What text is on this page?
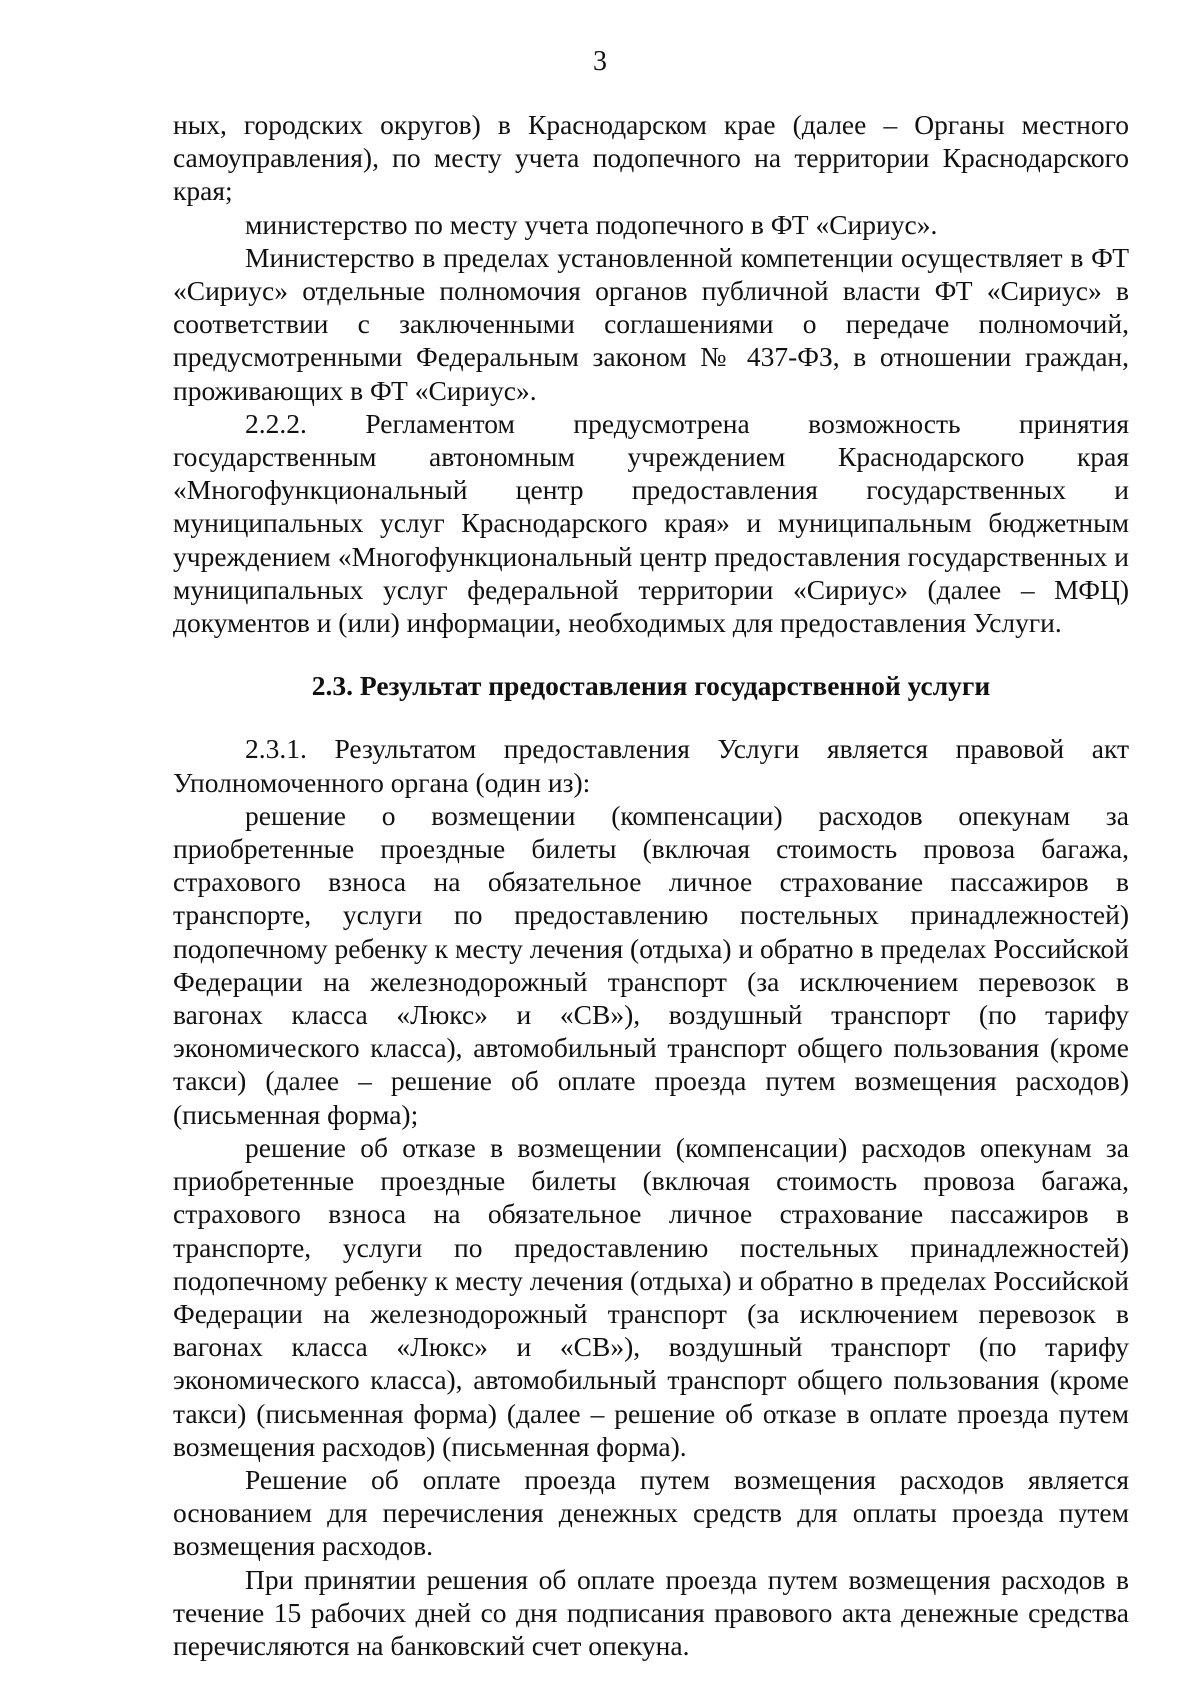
3

ных, городских округов) в Краснодарском крае (далее – Органы местного самоуправления), по месту учета подопечного на территории Краснодарского края;

министерство по месту учета подопечного в ФТ «Сириус».

Министерство в пределах установленной компетенции осуществляет в ФТ «Сириус» отдельные полномочия органов публичной власти ФТ «Сириус» в соответствии с заключенными соглашениями о передаче полномочий, предусмотренными Федеральным законом № 437-ФЗ, в отношении граждан, проживающих в ФТ «Сириус».

2.2.2. Регламентом предусмотрена возможность принятия государственным автономным учреждением Краснодарского края «Многофункциональный центр предоставления государственных и муниципальных услуг Краснодарского края» и муниципальным бюджетным учреждением «Многофункциональный центр предоставления государственных и муниципальных услуг федеральной территории «Сириус» (далее – МФЦ) документов и (или) информации, необходимых для предоставления Услуги.

2.3. Результат предоставления государственной услуги

2.3.1. Результатом предоставления Услуги является правовой акт Уполномоченного органа (один из):

решение о возмещении (компенсации) расходов опекунам за приобретенные проездные билеты (включая стоимость провоза багажа, страхового взноса на обязательное личное страхование пассажиров в транспорте, услуги по предоставлению постельных принадлежностей) подопечному ребенку к месту лечения (отдыха) и обратно в пределах Российской Федерации на железнодорожный транспорт (за исключением перевозок в вагонах класса «Люкс» и «СВ»), воздушный транспорт (по тарифу экономического класса), автомобильный транспорт общего пользования (кроме такси) (далее – решение об оплате проезда путем возмещения расходов) (письменная форма);

решение об отказе в возмещении (компенсации) расходов опекунам за приобретенные проездные билеты (включая стоимость провоза багажа, страхового взноса на обязательное личное страхование пассажиров в транспорте, услуги по предоставлению постельных принадлежностей) подопечному ребенку к месту лечения (отдыха) и обратно в пределах Российской Федерации на железнодорожный транспорт (за исключением перевозок в вагонах класса «Люкс» и «СВ»), воздушный транспорт (по тарифу экономического класса), автомобильный транспорт общего пользования (кроме такси) (письменная форма) (далее – решение об отказе в оплате проезда путем возмещения расходов) (письменная форма).

Решение об оплате проезда путем возмещения расходов является основанием для перечисления денежных средств для оплаты проезда путем возмещения расходов.

При принятии решения об оплате проезда путем возмещения расходов в течение 15 рабочих дней со дня подписания правового акта денежные средства перечисляются на банковский счет опекуна.
